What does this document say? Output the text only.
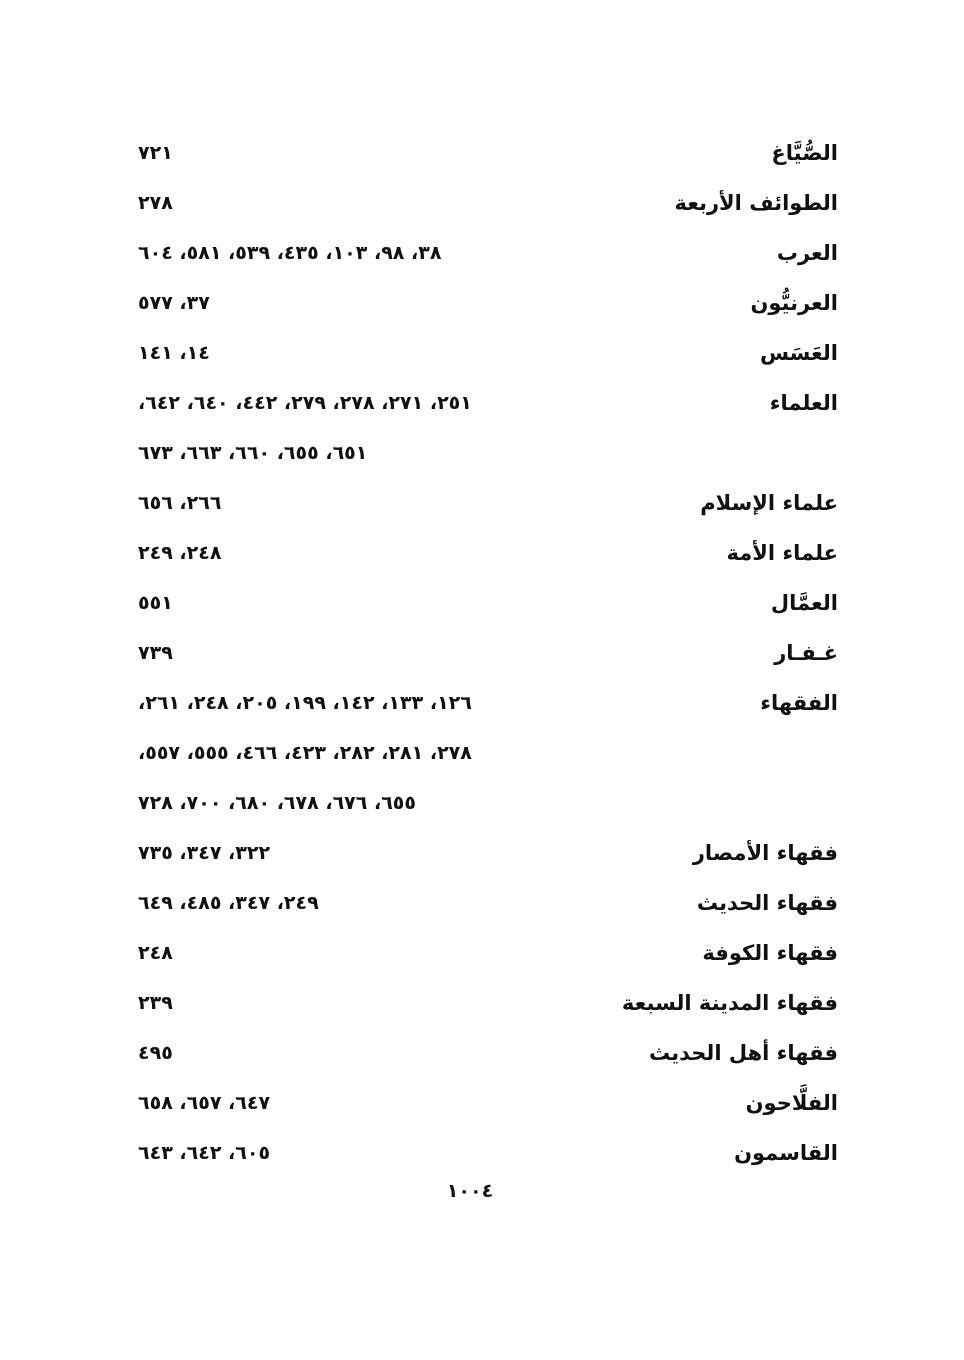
الصُّيَّاغ
٧٢١
الطوائف الأربعة
٢٧٨
العرب
٣٨، ٩٨، ١٠٣، ٤٣٥، ٥٣٩، ٥٨١، ٦٠٤
العرنيُّون
٣٧، ٥٧٧
العَسَس
١٤، ١٤١
العلماء
٢٥١، ٢٧١، ٢٧٨، ٢٧٩، ٤٤٢، ٦٤٠، ٦٤٢،
٦٥١، ٦٥٥، ٦٦٠، ٦٦٣، ٦٧٣
علماء الإسلام
٢٦٦، ٦٥٦
علماء الأمة
٢٤٨، ٢٤٩
العمَّال
٥٥١
غـفـار
٧٣٩
الفقهاء
١٢٦، ١٣٣، ١٤٢، ١٩٩، ٢٠٥، ٢٤٨، ٢٦١،
٢٧٨، ٢٨١، ٢٨٢، ٤٢٣، ٤٦٦، ٥٥٥، ٥٥٧،
٦٥٥، ٦٧٦، ٦٧٨، ٦٨٠، ٧٠٠، ٧٢٨
فقهاء الأمصار
٣٢٢، ٣٤٧، ٧٣٥
فقهاء الحديث
٢٤٩، ٣٤٧، ٤٨٥، ٦٤٩
فقهاء الكوفة
٢٤٨
فقهاء المدينة السبعة
٢٣٩
فقهاء أهل الحديث
٤٩٥
الفلَّاحون
٦٤٧، ٦٥٧، ٦٥٨
القاسمون
٦٠٥، ٦٤٢، ٦٤٣
١٠٠٤
